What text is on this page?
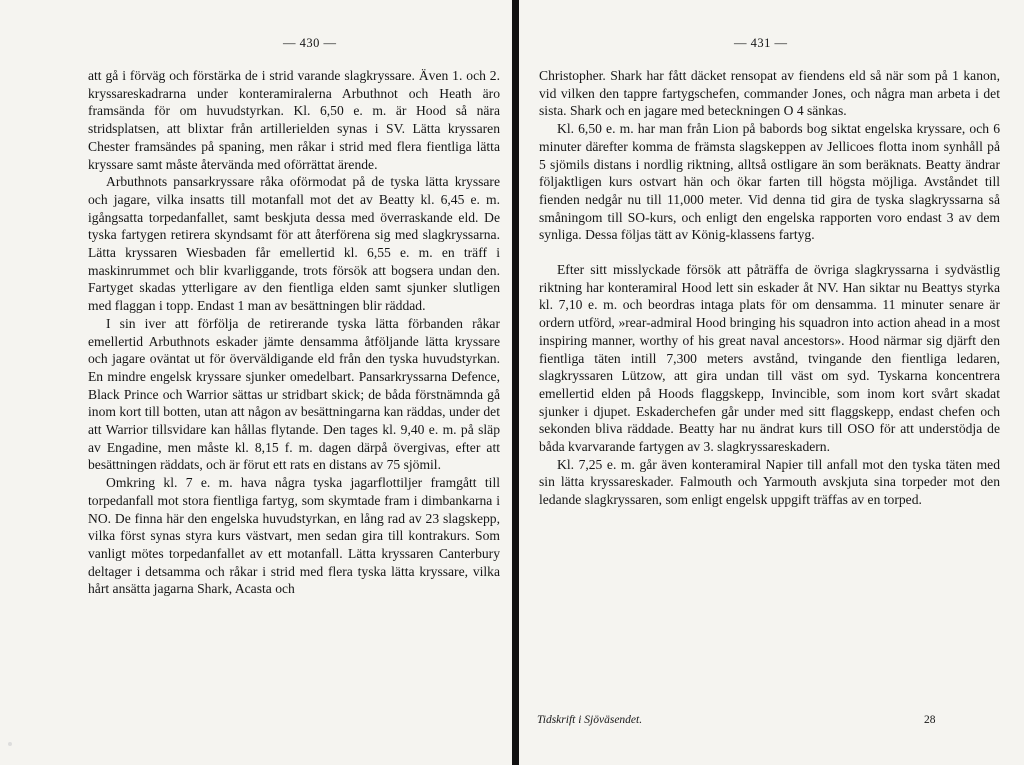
— 430 —

att gå i förväg och förstärka de i strid varande slagkryssare. Även 1. och 2. kryssareskadrarna under konteramiralerna Arbuthnot och Heath äro framsända för om huvudstyrkan. Kl. 6,50 e. m. är Hood så nära stridsplatsen, att blixtar från artillerielden synas i SV. Lätta kryssaren Chester framsändes på spaning, men råkar i strid med flera fientliga lätta kryssare samt måste återvända med oförrättat ärende.

Arbuthnots pansarkryssare råka oförmodat på de tyska lätta kryssare och jagare, vilka insatts till motanfall mot det av Beatty kl. 6,45 e. m. igångsatta torpedanfallet, samt beskjuta dessa med överraskande eld. De tyska fartygen retirera skyndsamt för att återförena sig med slagkryssarna. Lätta kryssaren Wiesbaden får emellertid kl. 6,55 e. m. en träff i maskinrummet och blir kvarliggande, trots försök att bogsera undan den. Fartyget skadas ytterligare av den fientliga elden samt sjunker slutligen med flaggan i topp. Endast 1 man av besättningen blir räddad.

I sin iver att förfölja de retirerande tyska lätta förbanden råkar emellertid Arbuthnots eskader jämte densamma åtföljande lätta kryssare och jagare oväntat ut för överväldigande eld från den tyska huvudstyrkan. En mindre engelsk kryssare sjunker omedelbart. Pansarkryssarna Defence, Black Prince och Warrior sättas ur stridbart skick; de båda förstnämnda gå inom kort till botten, utan att någon av besättningarna kan räddas, under det att Warrior tillsvidare kan hållas flytande. Den tages kl. 9,40 e. m. på släp av Engadine, men måste kl. 8,15 f. m. dagen därpå övergivas, efter att besättningen räddats, och är förut ett rats en distans av 75 sjömil.

Omkring kl. 7 e. m. hava några tyska jagarflottiljer framgått till torpedanfall mot stora fientliga fartyg, som skymtade fram i dimbankarna i NO. De finna här den engelska huvudstyrkan, en lång rad av 23 slagskepp, vilka först synas styra kurs västvart, men sedan gira till kontrakurs. Som vanligt mötes torpedanfallet av ett motanfall. Lätta kryssaren Canterbury deltager i detsamma och råkar i strid med flera tyska lätta kryssare, vilka hårt ansätta jagarna Shark, Acasta och

— 431 —

Christopher. Shark har fått däcket rensopat av fiendens eld så när som på 1 kanon, vid vilken den tappre fartygschefen, commander Jones, och några man arbeta i det sista. Shark och en jagare med beteckningen O 4 sänkas.

Kl. 6,50 e. m. har man från Lion på babords bog siktat engelska kryssare, och 6 minuter därefter komma de främsta slagskeppen av Jellicoes flotta inom synhåll på 5 sjömils distans i nordlig riktning, alltså ostligare än som beräknats. Beatty ändrar följaktligen kurs ostvart hän och ökar farten till högsta möjliga. Avståndet till fienden nedgår nu till 11,000 meter. Vid denna tid gira de tyska slagkryssarna så småningom till SO-kurs, och enligt den engelska rapporten voro endast 3 av dem synliga. Dessa följas tätt av König-klassens fartyg.

Efter sitt misslyckade försök att påträffa de övriga slagkryssarna i sydvästlig riktning har konteramiral Hood lett sin eskader åt NV. Han siktar nu Beattys styrka kl. 7,10 e. m. och beordras intaga plats för om densamma. 11 minuter senare är ordern utförd, »rear-admiral Hood bringing his squadron into action ahead in a most inspiring manner, worthy of his great naval ancestors». Hood närmar sig djärft den fientliga täten intill 7,300 meters avstånd, tvingande den fientliga ledaren, slagkryssaren Lützow, att gira undan till väst om syd. Tyskarna koncentrera emellertid elden på Hoods flaggskepp, Invincible, som inom kort svårt skadat sjunker i djupet. Eskaderchefen går under med sitt flaggskepp, endast chefen och sekonden bliva räddade. Beatty har nu ändrat kurs till OSO för att understödja de båda kvarvarande fartygen av 3. slagkryssareskadern.

Kl. 7,25 e. m. går även konteramiral Napier till anfall mot den tyska täten med sin lätta kryssareskader. Falmouth och Yarmouth avskjuta sina torpeder mot den ledande slagkryssaren, som enligt engelsk uppgift träffas av en torped.

Tidskrift i Sjöväsendet.	28
